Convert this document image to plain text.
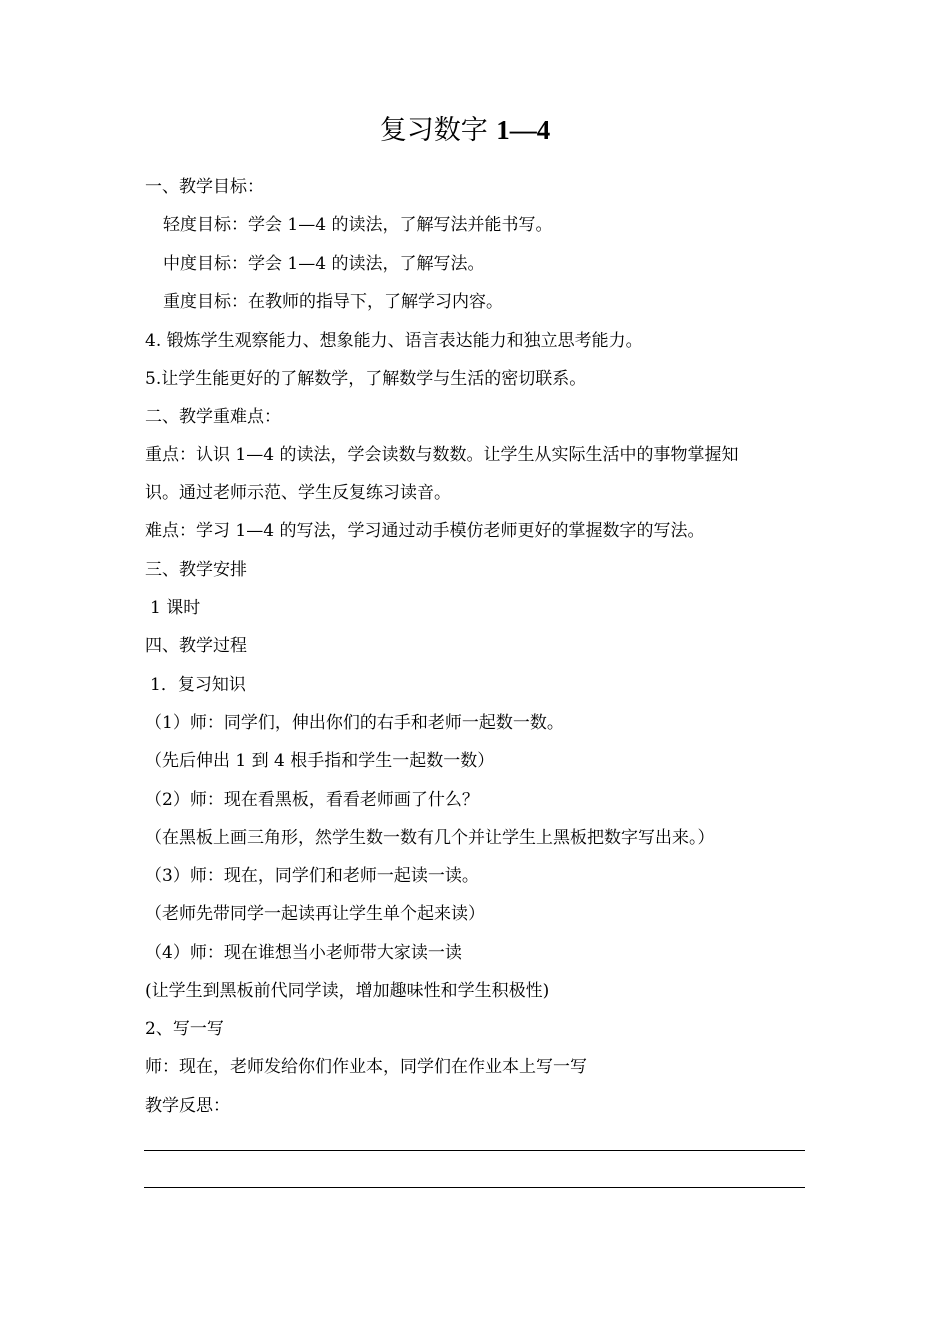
复习数字 1—4
一、教学目标：
轻度目标：学会 1—4 的读法，了解写法并能书写。
中度目标：学会 1—4 的读法，了解写法。
重度目标：在教师的指导下，了解学习内容。
4. 锻炼学生观察能力、想象能力、语言表达能力和独立思考能力。
5.让学生能更好的了解数学，了解数学与生活的密切联系。
二、教学重难点：
重点：认识 1—4 的读法，学会读数与数数。让学生从实际生活中的事物掌握知
识。通过老师示范、学生反复练习读音。
难点：学习 1—4 的写法，学习通过动手模仿老师更好的掌握数字的写法。
三、教学安排
1 课时
四、教学过程
1．复习知识
（1）师：同学们，伸出你们的右手和老师一起数一数。
（先后伸出 1 到 4 根手指和学生一起数一数）
（2）师：现在看黑板，看看老师画了什么？
（在黑板上画三角形，然学生数一数有几个并让学生上黑板把数字写出来。）
（3）师：现在，同学们和老师一起读一读。
（老师先带同学一起读再让学生单个起来读）
（4）师：现在谁想当小老师带大家读一读
(让学生到黑板前代同学读，增加趣味性和学生积极性)
2、写一写
师：现在，老师发给你们作业本，同学们在作业本上写一写
教学反思：
